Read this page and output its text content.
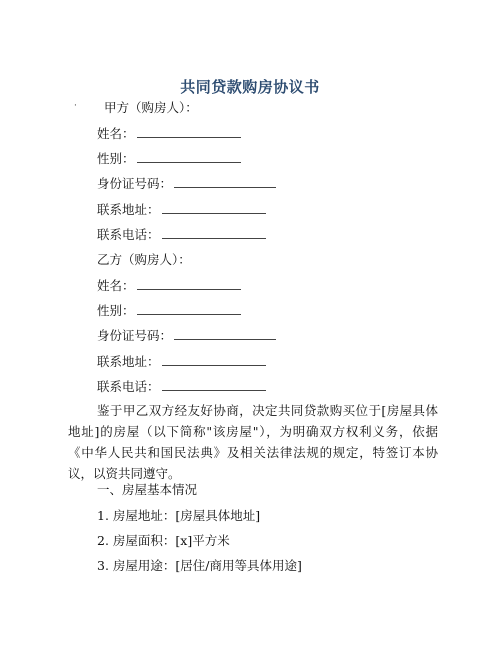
共同贷款购房协议书
· 甲方（购房人）：
姓名：
性别：
身份证号码：
联系地址：
联系电话：
乙方（购房人）：
姓名：
性别：
身份证号码：
联系地址：
联系电话：
鉴于甲乙双方经友好协商，决定共同贷款购买位于[房屋具体地址]的房屋（以下简称"该房屋"），为明确双方权利义务，依据《中华人民共和国民法典》及相关法律法规的规定，特签订本协议，以资共同遵守。
一、房屋基本情况
1. 房屋地址：[房屋具体地址]
2. 房屋面积：[x]平方米
3. 房屋用途：[居住/商用等具体用途]
